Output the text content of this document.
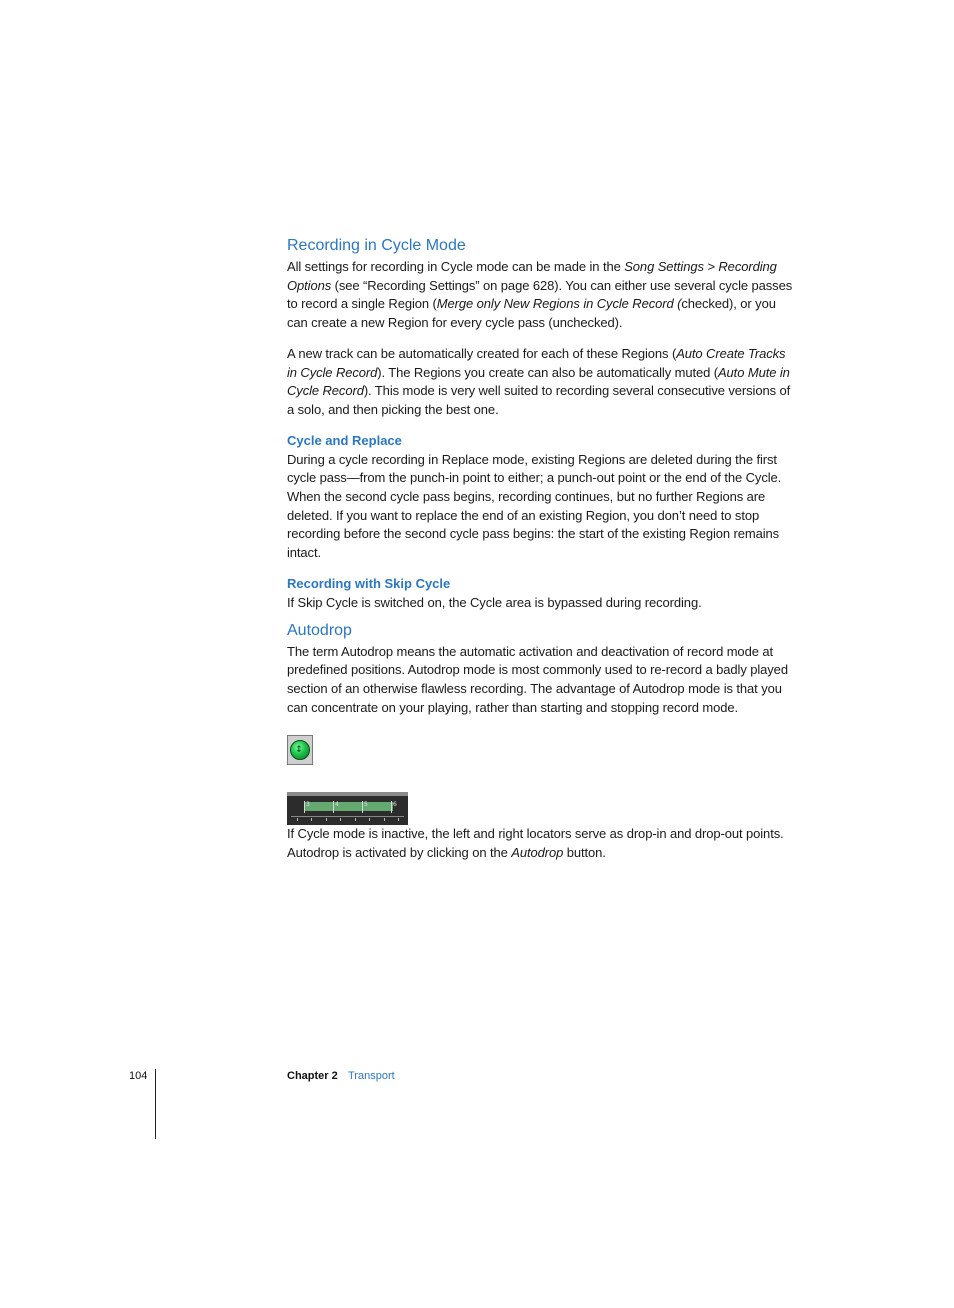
Recording in Cycle Mode

All settings for recording in Cycle mode can be made in the Song Settings > Recording Options (see “Recording Settings” on page 628). You can either use several cycle passes to record a single Region (Merge only New Regions in Cycle Record (checked), or you can create a new Region for every cycle pass (unchecked).

A new track can be automatically created for each of these Regions (Auto Create Tracks in Cycle Record). The Regions you create can also be automatically muted (Auto Mute in Cycle Record). This mode is very well suited to recording several consecutive versions of a solo, and then picking the best one.

Cycle and Replace

During a cycle recording in Replace mode, existing Regions are deleted during the first cycle pass—from the punch-in point to either; a punch-out point or the end of the Cycle. When the second cycle pass begins, recording continues, but no further Regions are deleted. If you want to replace the end of an existing Region, you don’t need to stop recording before the second cycle pass begins: the start of the existing Region remains intact.

Recording with Skip Cycle

If Skip Cycle is switched on, the Cycle area is bypassed during recording.

Autodrop

The term Autodrop means the automatic activation and deactivation of record mode at predefined positions. Autodrop mode is most commonly used to re-record a badly played section of an otherwise flawless recording. The advantage of Autodrop mode is that you can concentrate on your playing, rather than starting and stopping record mode.

↕
3	4	5	6

If Cycle mode is inactive, the left and right locators serve as drop-in and drop-out points. Autodrop is activated by clicking on the Autodrop button.

104	Chapter 2 Transport
